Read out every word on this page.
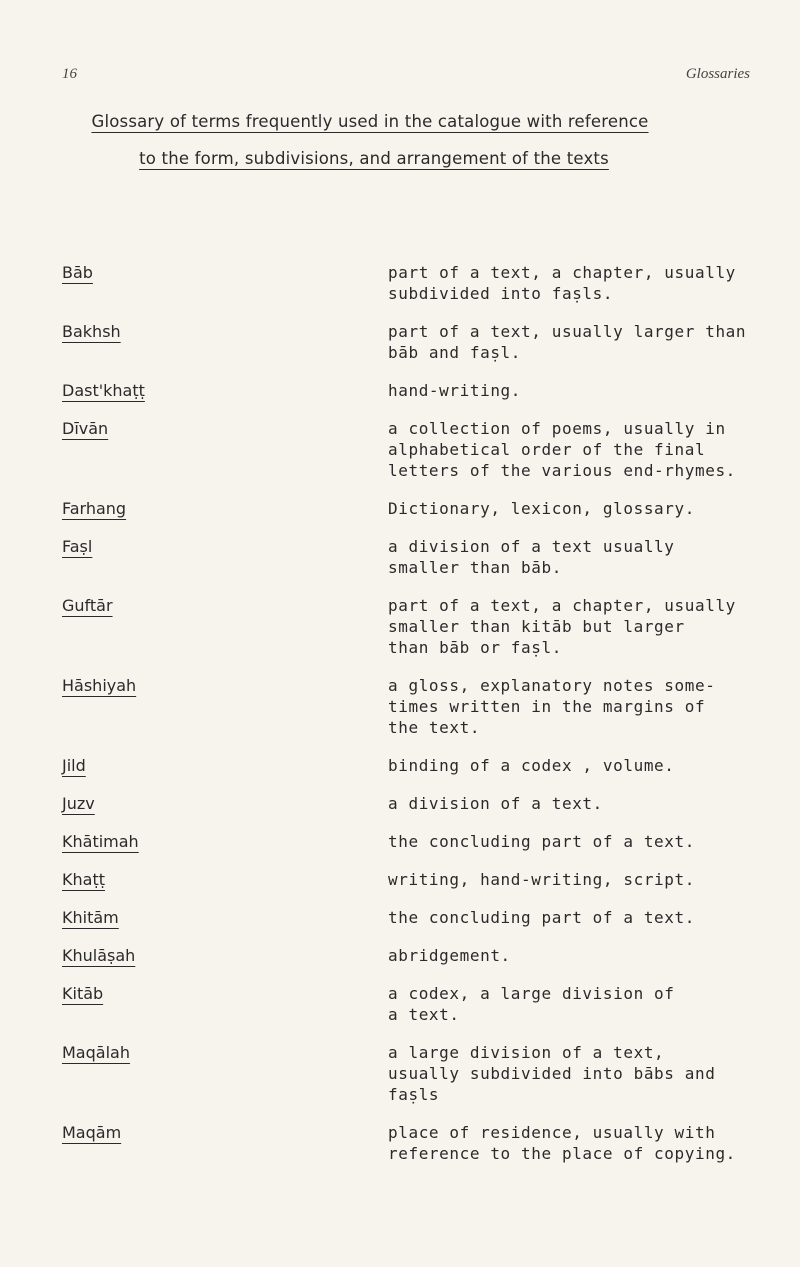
16	Glossaries
Glossary of terms frequently used in the catalogue with reference
to the form, subdivisions, and arrangement of the texts
Bāb	part of a text, a chapter, usually
subdivided into faṣls.
Bakhsh	part of a text, usually larger than
bāb and faṣl.
Dast'khaṭṭ	hand-writing.
Dīvān	a collection of poems, usually in
alphabetical order of the final
letters of the various end-rhymes.
Farhang	Dictionary, lexicon, glossary.
Faṣl	a division of a text usually
smaller than bāb.
Guftār	part of a text, a chapter, usually
smaller than kitāb but larger
than bāb or faṣl.
Hāshiyah	a gloss, explanatory notes some-
times written in the margins of
the text.
Jild	binding of a codex , volume.
Juzv	a division of a text.
Khātimah	the concluding part of a text.
Khaṭṭ	writing, hand-writing, script.
Khitām	the concluding part of a text.
Khulāṣah	abridgement.
Kitāb	a codex, a large division of
a text.
Maqālah	a large division of a text,
usually subdivided into bābs and
faṣls
Maqām	place of residence, usually with
reference to the place of copying.
